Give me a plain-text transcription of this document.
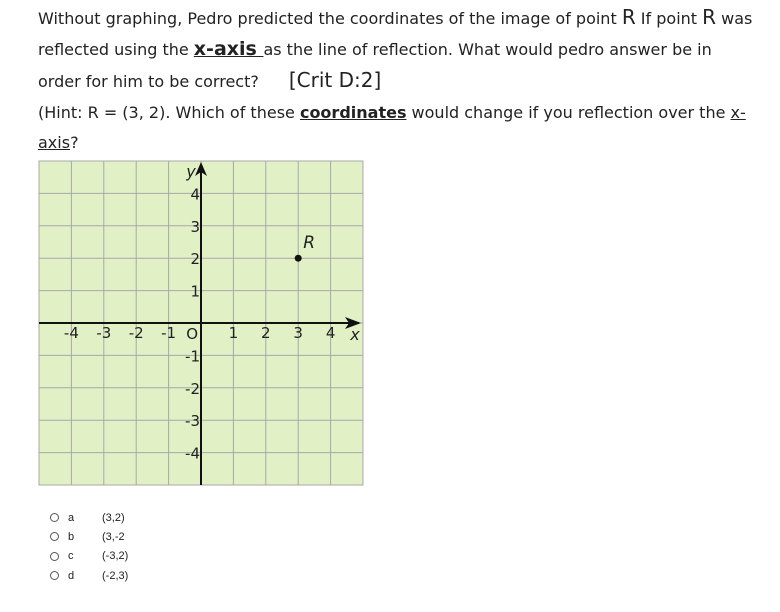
Without graphing, Pedro predicted the coordinates of the image of point R If point R was reflected using the x-axis as the line of reflection. What would pedro answer be in order for him to be correct? [Crit D:2]
(Hint: R = (3, 2). Which of these coordinates would change if you reflection over the x-axis?
-4 -3 -2 -1	1 2 3 4
4
3
2
1
-1
-2
-3
-4
O	x
y
R
a	(3,2)
b	(3,-2
c	(-3,2)
d	(-2,3)
